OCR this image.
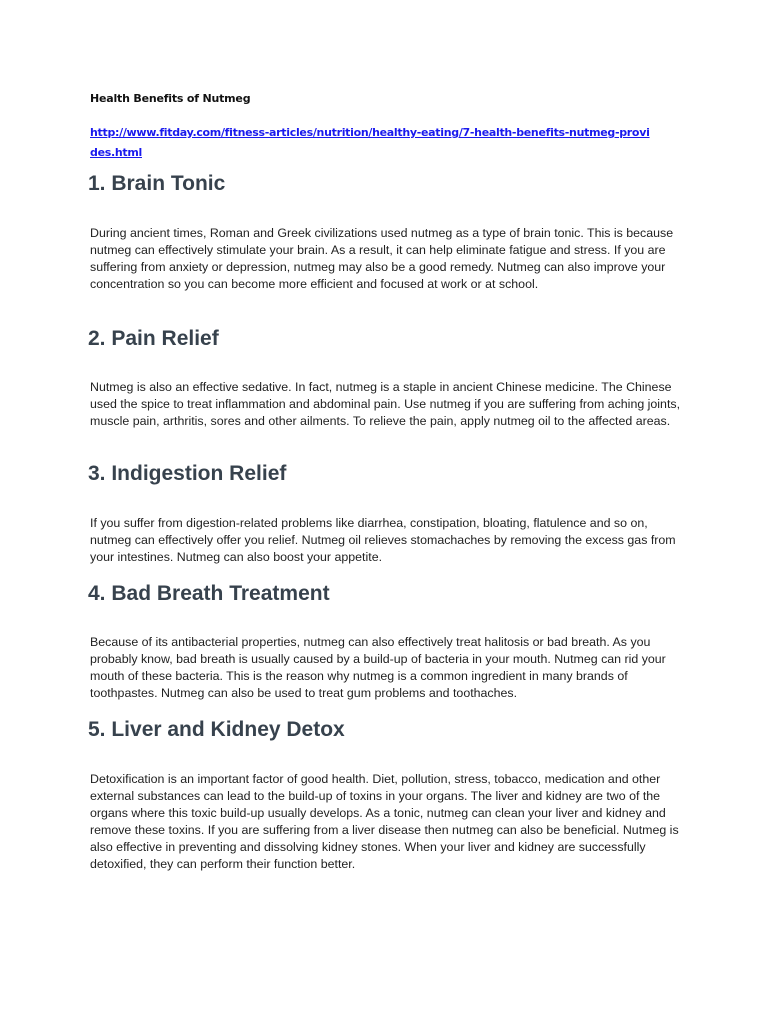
Health Benefits of Nutmeg

http://www.fitday.com/fitness-articles/nutrition/healthy-eating/7-health-benefits-nutmeg-provides.html
1. Brain Tonic

During ancient times, Roman and Greek civilizations used nutmeg as a type of brain tonic. This is because nutmeg can effectively stimulate your brain. As a result, it can help eliminate fatigue and stress. If you are suffering from anxiety or depression, nutmeg may also be a good remedy. Nutmeg can also improve your concentration so you can become more efficient and focused at work or at school.

2. Pain Relief

Nutmeg is also an effective sedative. In fact, nutmeg is a staple in ancient Chinese medicine. The Chinese used the spice to treat inflammation and abdominal pain. Use nutmeg if you are suffering from aching joints, muscle pain, arthritis, sores and other ailments. To relieve the pain, apply nutmeg oil to the affected areas.

3. Indigestion Relief

If you suffer from digestion-related problems like diarrhea, constipation, bloating, flatulence and so on, nutmeg can effectively offer you relief. Nutmeg oil relieves stomachaches by removing the excess gas from your intestines. Nutmeg can also boost your appetite.

4. Bad Breath Treatment

Because of its antibacterial properties, nutmeg can also effectively treat halitosis or bad breath. As you probably know, bad breath is usually caused by a build-up of bacteria in your mouth. Nutmeg can rid your mouth of these bacteria. This is the reason why nutmeg is a common ingredient in many brands of toothpastes. Nutmeg can also be used to treat gum problems and toothaches.

5. Liver and Kidney Detox

Detoxification is an important factor of good health. Diet, pollution, stress, tobacco, medication and other external substances can lead to the build-up of toxins in your organs. The liver and kidney are two of the organs where this toxic build-up usually develops. As a tonic, nutmeg can clean your liver and kidney and remove these toxins. If you are suffering from a liver disease then nutmeg can also be beneficial. Nutmeg is also effective in preventing and dissolving kidney stones. When your liver and kidney are successfully detoxified, they can perform their function better.
